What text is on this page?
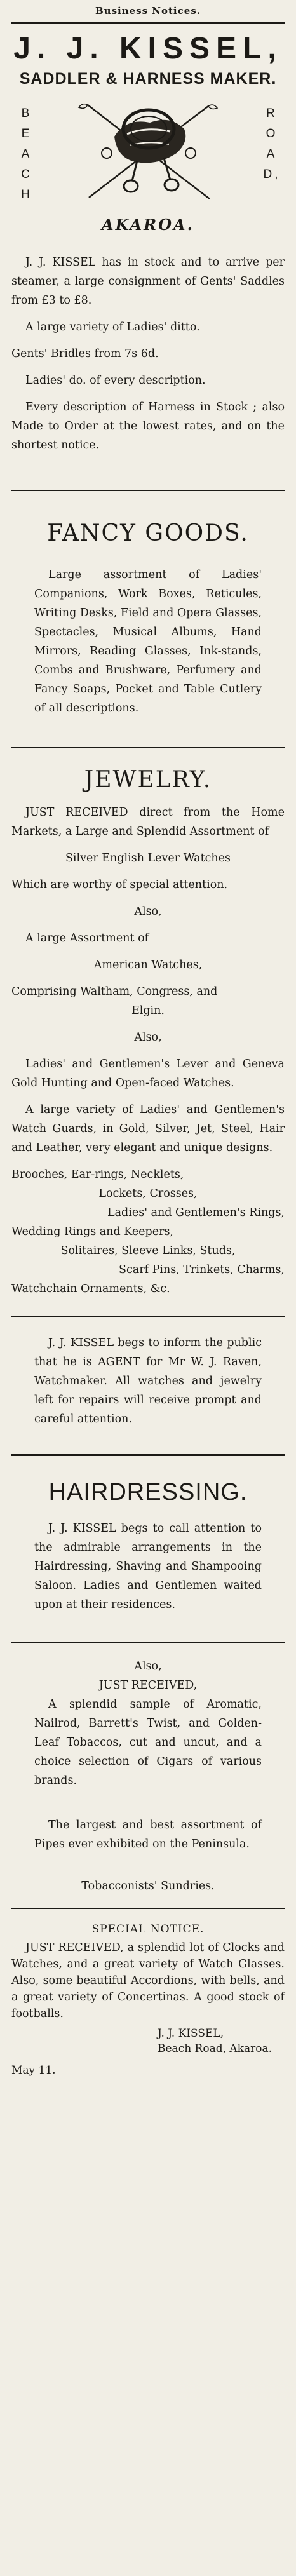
Business Notices.
J. J. KISSEL,
SADDLER & HARNESS MAKER.
B
E
A
C
H
R
O
A
D,
AKAROA.

J. J. KISSEL has in stock and to arrive per steamer, a large consignment of Gents' Saddles from £3 to £8.

A large variety of Ladies' ditto.

Gents' Bridles from 7s 6d.

Ladies' do. of every description.

Every description of Harness in Stock ; also Made to Order at the lowest rates, and on the shortest notice.

FANCY GOODS.

Large assortment of Ladies' Companions, Work Boxes, Reticules, Writing Desks, Field and Opera Glasses, Spectacles, Musical Albums, Hand Mirrors, Reading Glasses, Ink-stands, Combs and Brushware, Perfumery and Fancy Soaps, Pocket and Table Cutlery of all descriptions.

JEWELRY.

JUST RECEIVED direct from the Home Markets, a Large and Splendid Assortment of

Silver English Lever Watches

Which are worthy of special attention.

Also,

A large Assortment of

American Watches,

Comprising Waltham, Congress, and

Elgin.

Also,

Ladies' and Gentlemen's Lever and Geneva Gold Hunting and Open-faced Watches.

A large variety of Ladies' and Gentlemen's Watch Guards, in Gold, Silver, Jet, Steel, Hair and Leather, very elegant and unique designs.

Brooches, Ear-rings, Necklets,

Lockets, Crosses,

Ladies' and Gentlemen's Rings,

Wedding Rings and Keepers,

Solitaires, Sleeve Links, Studs,

Scarf Pins, Trinkets, Charms,

Watchchain Ornaments, &c.

J. J. KISSEL begs to inform the public that he is AGENT for Mr W. J. Raven, Watchmaker. All watches and jewelry left for repairs will receive prompt and careful attention.

HAIRDRESSING.

J. J. KISSEL begs to call attention to the admirable arrangements in the Hairdressing, Shaving and Shampooing Saloon. Ladies and Gentlemen waited upon at their residences.

Also,

JUST RECEIVED,

A splendid sample of Aromatic, Nailrod, Barrett's Twist, and Golden-Leaf Tobaccos, cut and uncut, and a choice selection of Cigars of various brands.

The largest and best assortment of Pipes ever exhibited on the Peninsula.

Tobacconists' Sundries.

SPECIAL NOTICE.

JUST RECEIVED, a splendid lot of Clocks and Watches, and a great variety of Watch Glasses. Also, some beautiful Accordions, with bells, and a great variety of Concertinas. A good stock of footballs.

J. J. KISSEL,
Beach Road, Akaroa.
May 11.
